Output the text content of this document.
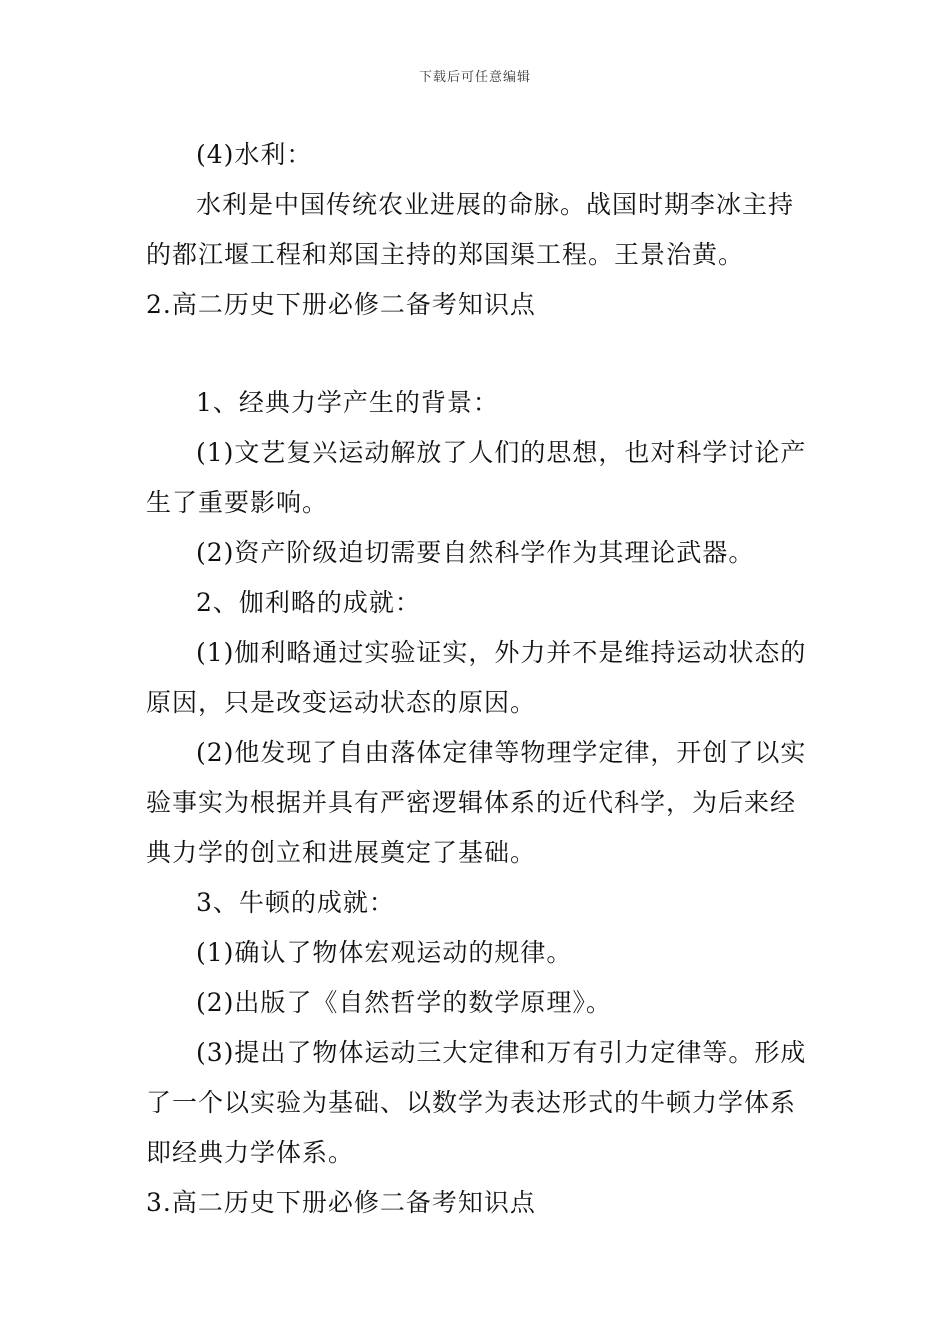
下载后可任意编辑
(4)水利：
水利是中国传统农业进展的命脉。战国时期李冰主持
的都江堰工程和郑国主持的郑国渠工程。王景治黄。
2.高二历史下册必修二备考知识点
1、经典力学产生的背景：
(1)文艺复兴运动解放了人们的思想，也对科学讨论产
生了重要影响。
(2)资产阶级迫切需要自然科学作为其理论武器。
2、伽利略的成就：
(1)伽利略通过实验证实，外力并不是维持运动状态的
原因，只是改变运动状态的原因。
(2)他发现了自由落体定律等物理学定律，开创了以实
验事实为根据并具有严密逻辑体系的近代科学，为后来经
典力学的创立和进展奠定了基础。
3、牛顿的成就：
(1)确认了物体宏观运动的规律。
(2)出版了《自然哲学的数学原理》。
(3)提出了物体运动三大定律和万有引力定律等。形成
了一个以实验为基础、以数学为表达形式的牛顿力学体系
即经典力学体系。
3.高二历史下册必修二备考知识点
